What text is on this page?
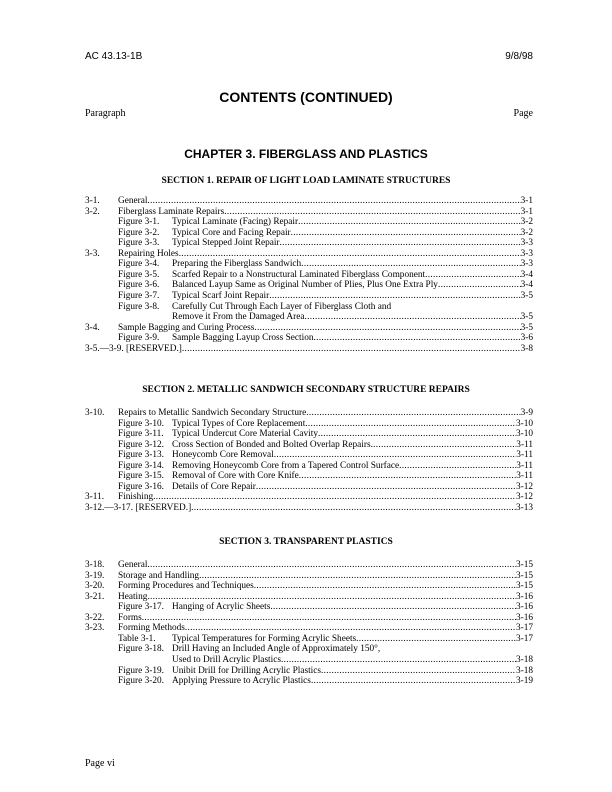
AC 43.13-1B	9/8/98
CONTENTS (CONTINUED)
Paragraph	Page
CHAPTER 3. FIBERGLASS AND PLASTICS
SECTION 1. REPAIR OF LIGHT LOAD LAMINATE STRUCTURES
3-1. General .....	3-1
3-2. Fiberglass Laminate Repairs .....	3-1
Figure 3-1.	Typical Laminate (Facing) Repair .....	3-2
Figure 3-2.	Typical Core and Facing Repair .....	3-2
Figure 3-3.	Typical Stepped Joint Repair .....	3-3
3-3. Repairing Holes .....	3-3
Figure 3-4.	Preparing the Fiberglass Sandwich .....	3-3
Figure 3-5.	Scarfed Repair to a Nonstructural Laminated Fiberglass Component .....	3-4
Figure 3-6.	Balanced Layup Same as Original Number of Plies, Plus One Extra Ply .....	3-4
Figure 3-7.	Typical Scarf Joint Repair .....	3-5
Figure 3-8.	Carefully Cut Through Each Layer of Fiberglass Cloth and
Remove it From the Damaged Area .....	3-5
3-4. Sample Bagging and Curing Process .....	3-5
Figure 3-9.	Sample Bagging Layup Cross Section .....	3-6
3-5.—3-9. [RESERVED.] .....	3-8
SECTION 2. METALLIC SANDWICH SECONDARY STRUCTURE REPAIRS
3-10. Repairs to Metallic Sandwich Secondary Structure .....	3-9
Figure 3-10. Typical Types of Core Replacement .....	3-10
Figure 3-11. Typical Undercut Core Material Cavity .....	3-10
Figure 3-12. Cross Section of Bonded and Bolted Overlap Repairs .....	3-11
Figure 3-13. Honeycomb Core Removal .....	3-11
Figure 3-14. Removing Honeycomb Core from a Tapered Control Surface .....	3-11
Figure 3-15. Removal of Core with Core Knife .....	3-11
Figure 3-16. Details of Core Repair .....	3-12
3-11. Finishing .....	3-12
3-12.—3-17. [RESERVED.] .....	3-13
SECTION 3. TRANSPARENT PLASTICS
3-18. General .....	3-15
3-19. Storage and Handling .....	3-15
3-20. Forming Procedures and Techniques .....	3-15
3-21. Heating .....	3-16
Figure 3-17. Hanging of Acrylic Sheets .....	3-16
3-22. Forms .....	3-16
3-23. Forming Methods .....	3-17
Table 3-1.	Typical Temperatures for Forming Acrylic Sheets .....	3-17
Figure 3-18. Drill Having an Included Angle of Approximately 150°,
Used to Drill Acrylic Plastics .....	3-18
Figure 3-19. Unibit Drill for Drilling Acrylic Plastics .....	3-18
Figure 3-20. Applying Pressure to Acrylic Plastics .....	3-19
Page vi
